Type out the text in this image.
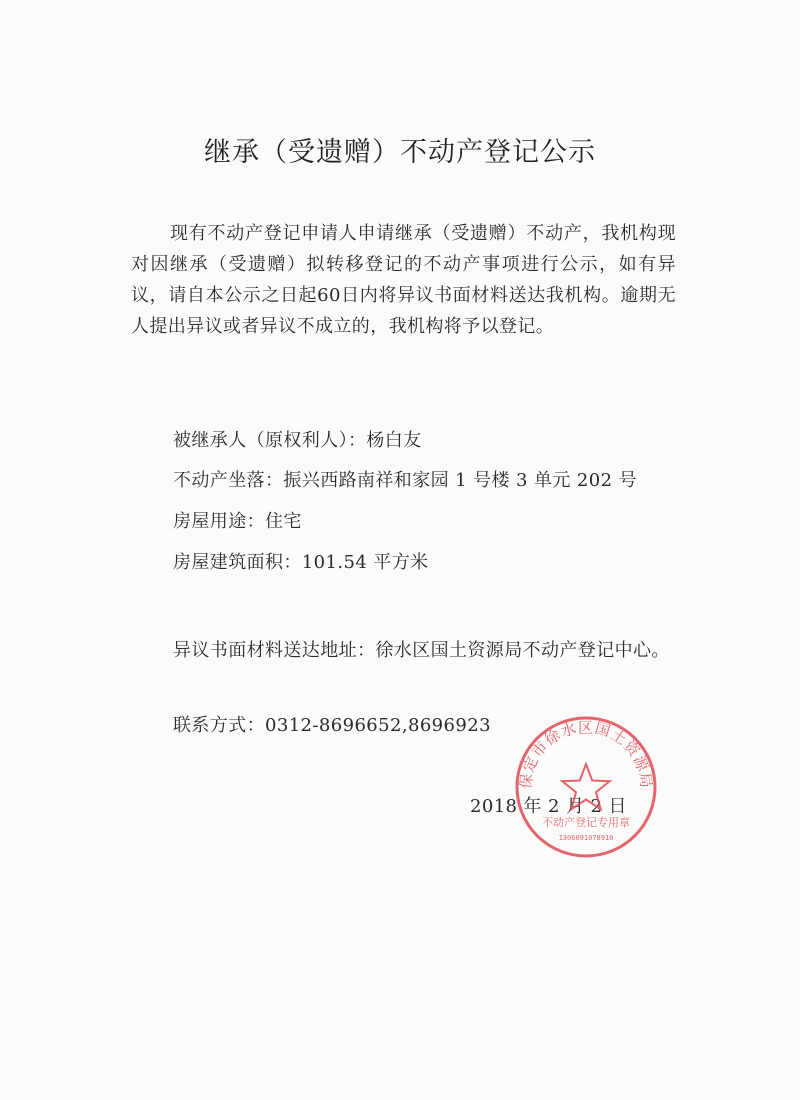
继承（受遗赠）不动产登记公示
现有不动产登记申请人申请继承（受遗赠）不动产，我机构现对因继承（受遗赠）拟转移登记的不动产事项进行公示，如有异议，请自本公示之日起60日内将异议书面材料送达我机构。逾期无人提出异议或者异议不成立的，我机构将予以登记。
被继承人（原权利人）：杨白友
不动产坐落：振兴西路南祥和家园 1 号楼 3 单元 202 号
房屋用途：住宅
房屋建筑面积：101.54 平方米
异议书面材料送达地址：徐水区国土资源局不动产登记中心。
联系方式：0312-8696652,8696923
2018 年 2 月 2 日
保定市徐水区国土资源局
不动产登记专用章
1306091078910
